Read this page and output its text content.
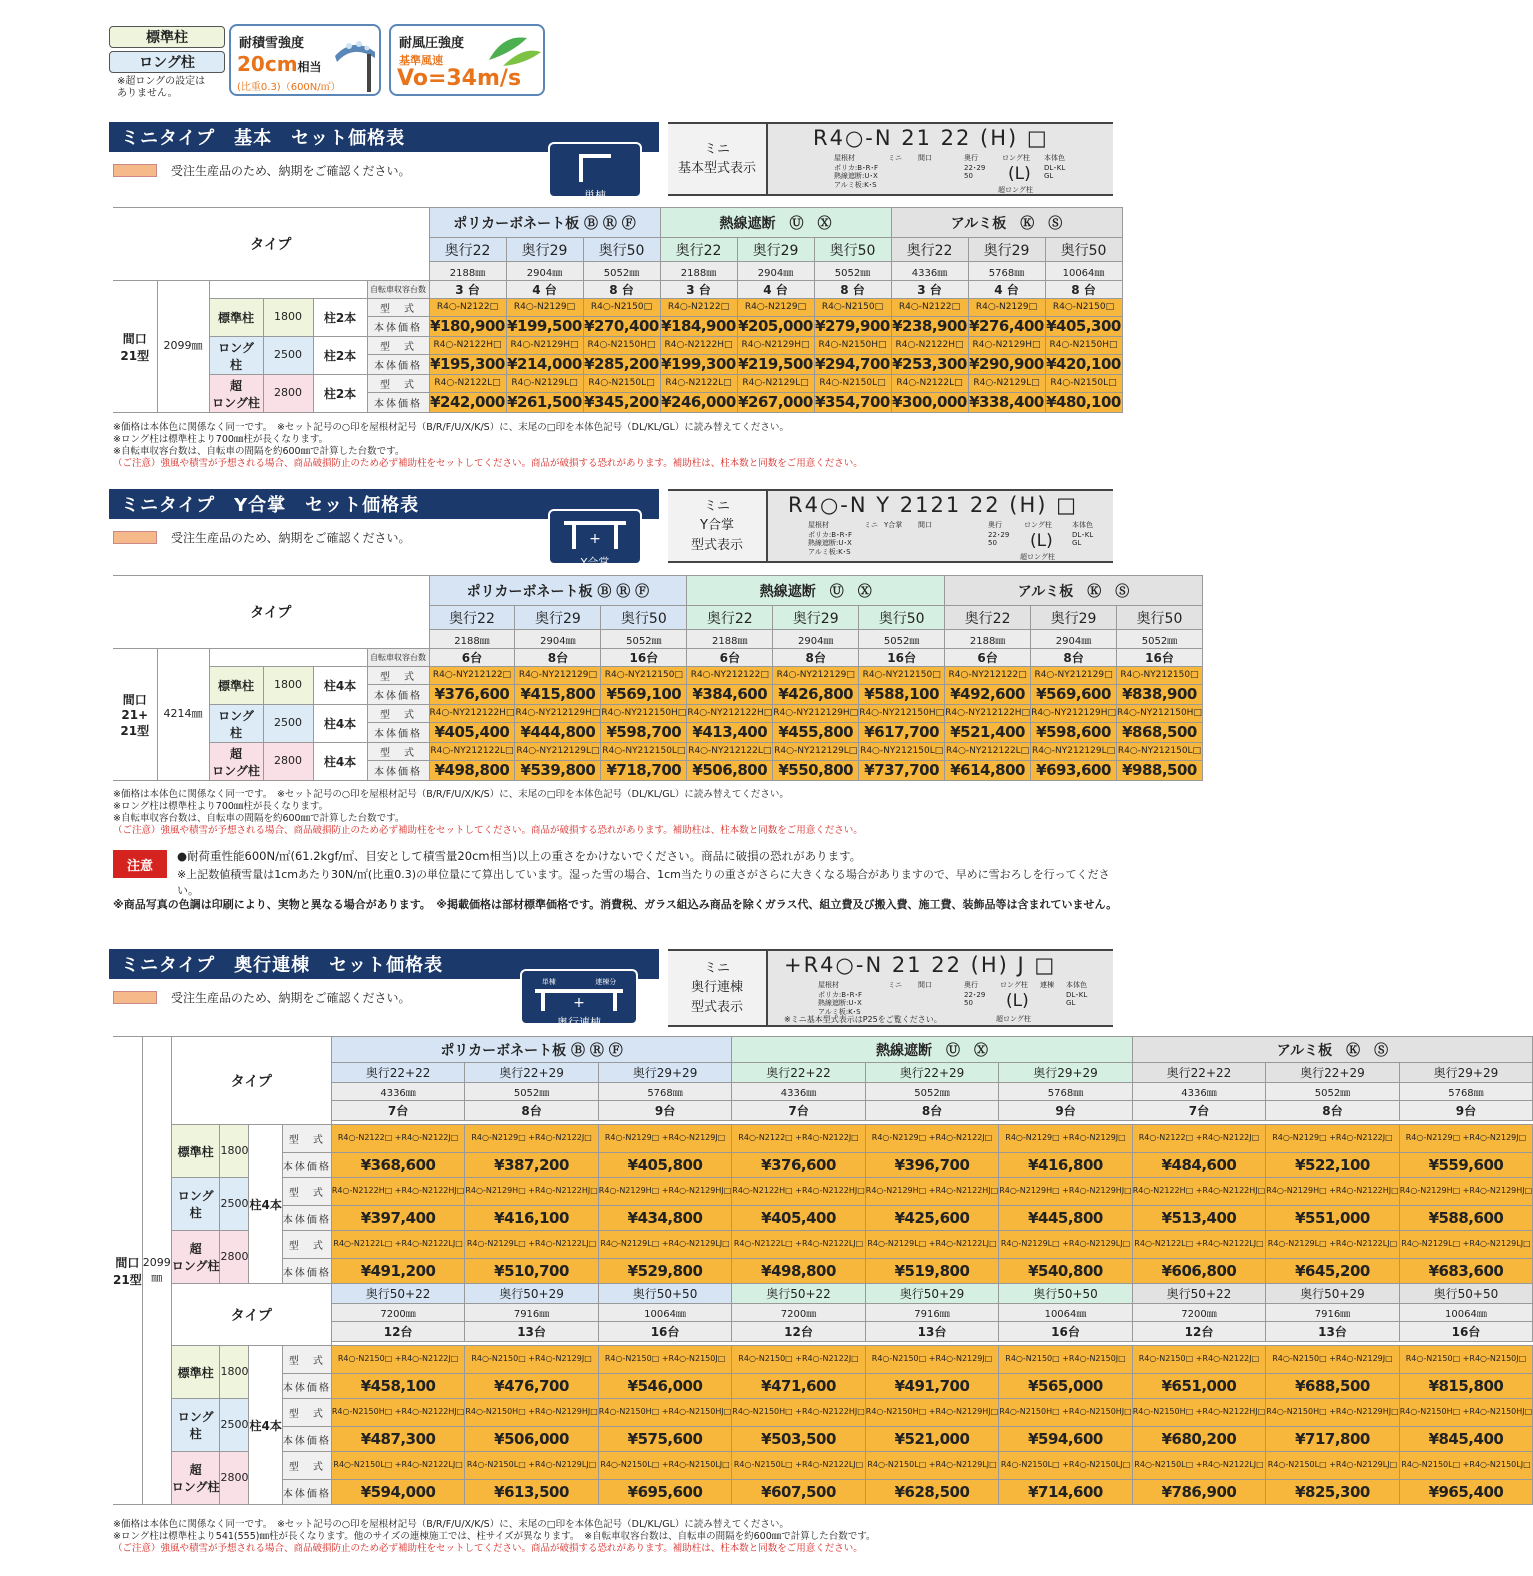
標準柱
ロング柱
※超ロングの設定は
ありません。
耐積雪強度
20cm相当
(比重0.3)（600N/㎡）
耐風圧強度
基準風速
Vo=34m/s
ミニタイプ　基本　セット価格表
受注生産品のため、納期をご確認ください。
単棟
ミニ
基本型式表示
R4○-N 21 22 (H) □
屋根材
ポリカ:B･R･F
熱線遮断:U･X
アルミ板:K･S
ミニ 間口	奥行
22･29
50
ロング柱
(L)
超ロング柱
本体色
DL･KL
GL
タイプ						ポリカーボネート板 Ⓑ Ⓡ Ⓕ			熱線遮断　Ⓤ　Ⓧ			アルミ板　Ⓚ　Ⓢ		
						奥行22	奥行29	奥行50	奥行22	奥行29	奥行50	奥行22	奥行29	奥行50
						2188㎜	2904㎜	5052㎜	2188㎜	2904㎜	5052㎜	4336㎜	5768㎜	10064㎜
間口
21型	2099㎜				自転車収容台数	3 台	4 台	8 台	3 台	4 台	8 台	3 台	4 台	8 台
		標準柱	1800	柱2本	型　式	R4○-N2122□	R4○-N2129□	R4○-N2150□	R4○-N2122□	R4○-N2129□	R4○-N2150□	R4○-N2122□	R4○-N2129□	R4○-N2150□
					本体価格	¥180,900	¥199,500	¥270,400	¥184,900	¥205,000	¥279,900	¥238,900	¥276,400	¥405,300
		ロング
柱	2500	柱2本	型　式	R4○-N2122H□	R4○-N2129H□	R4○-N2150H□	R4○-N2122H□	R4○-N2129H□	R4○-N2150H□	R4○-N2122H□	R4○-N2129H□	R4○-N2150H□
					本体価格	¥195,300	¥214,000	¥285,200	¥199,300	¥219,500	¥294,700	¥253,300	¥290,900	¥420,100
		超
ロング柱	2800	柱2本	型　式	R4○-N2122L□	R4○-N2129L□	R4○-N2150L□	R4○-N2122L□	R4○-N2129L□	R4○-N2150L□	R4○-N2122L□	R4○-N2129L□	R4○-N2150L□
					本体価格	¥242,000	¥261,500	¥345,200	¥246,000	¥267,000	¥354,700	¥300,000	¥338,400	¥480,100
※価格は本体色に関係なく同一です。　※セット記号の○印を屋根材記号（B/R/F/U/X/K/S）に、末尾の□印を本体色記号（DL/KL/GL）に読み替えてください。
※ロング柱は標準柱より700㎜柱が長くなります。
※自転車収容台数は、自転車の間隔を約600㎜で計算した台数です。
（ご注意）強風や積雪が予想される場合、商品破損防止のため必ず補助柱をセットしてください。商品が破損する恐れがあります。補助柱は、柱本数と同数をご用意ください。
ミニタイプ　Y合掌　セット価格表
受注生産品のため、納期をご確認ください。	+
Y合掌
ミニ
Y合掌
型式表示
R4○-N Y 2121 22 (H) □
屋根材
ポリカ:B･R･F
熱線遮断:U･X
アルミ板:K･S
ミニ Y合掌 間口	奥行
22･29
50
ロング柱
(L)
超ロング柱
本体色
DL･KL
GL
タイプ						ポリカーボネート板 Ⓑ Ⓡ Ⓕ			熱線遮断　Ⓤ　Ⓧ			アルミ板　Ⓚ　Ⓢ		
						奥行22	奥行29	奥行50	奥行22	奥行29	奥行50	奥行22	奥行29	奥行50
						2188㎜	2904㎜	5052㎜	2188㎜	2904㎜	5052㎜	2188㎜	2904㎜	5052㎜
間口
21+
21型	4214㎜				自転車収容台数	6台	8台	16台	6台	8台	16台	6台	8台	16台
		標準柱	1800	柱4本	型　式	R4○-NY212122□	R4○-NY212129□	R4○-NY212150□	R4○-NY212122□	R4○-NY212129□	R4○-NY212150□	R4○-NY212122□	R4○-NY212129□	R4○-NY212150□
					本体価格	¥376,600	¥415,800	¥569,100	¥384,600	¥426,800	¥588,100	¥492,600	¥569,600	¥838,900
		ロング
柱	2500	柱4本	型　式	R4○-NY212122H□	R4○-NY212129H□	R4○-NY212150H□	R4○-NY212122H□	R4○-NY212129H□	R4○-NY212150H□	R4○-NY212122H□	R4○-NY212129H□	R4○-NY212150H□
					本体価格	¥405,400	¥444,800	¥598,700	¥413,400	¥455,800	¥617,700	¥521,400	¥598,600	¥868,500
		超
ロング柱	2800	柱4本	型　式	R4○-NY212122L□	R4○-NY212129L□	R4○-NY212150L□	R4○-NY212122L□	R4○-NY212129L□	R4○-NY212150L□	R4○-NY212122L□	R4○-NY212129L□	R4○-NY212150L□
					本体価格	¥498,800	¥539,800	¥718,700	¥506,800	¥550,800	¥737,700	¥614,800	¥693,600	¥988,500
※価格は本体色に関係なく同一です。　※セット記号の○印を屋根材記号（B/R/F/U/X/K/S）に、末尾の□印を本体色記号（DL/KL/GL）に読み替えてください。
※ロング柱は標準柱より700㎜柱が長くなります。
※自転車収容台数は、自転車の間隔を約600㎜で計算した台数です。
（ご注意）強風や積雪が予想される場合、商品破損防止のため必ず補助柱をセットしてください。商品が破損する恐れがあります。補助柱は、柱本数と同数をご用意ください。
注意
●耐荷重性能600N/㎡(61.2kgf/㎡、目安として積雪量20cm相当)以上の重さをかけないでください。商品に破損の恐れがあります。
※上記数値積雪量は1cmあたり30N/㎡(比重0.3)の単位量にて算出しています。湿った雪の場合、1cm当たりの重さがさらに大きくなる場合がありますので、早めに雪おろしを行ってください。
※商品写真の色調は印刷により、実物と異なる場合があります。　※掲載価格は部材標準価格です。消費税、ガラス組込み商品を除くガラス代、組立費及び搬入費、施工費、装飾品等は含まれていません。
ミニタイプ　奥行連棟　セット価格表
受注生産品のため、納期をご確認ください。
単棟	連棟分
+
奥行連棟
ミニ
奥行連棟
型式表示
+R4○-N 21 22 (H) J □
屋根材
ポリカ:B･R･F
熱線遮断:U･X
アルミ板:K･S
ミニ 間口	奥行
22･29
50
ロング柱
(L)
超ロング柱
連棟 本体色
DL･KL
GL
※ミニ基本型式表示はP25をご覧ください。
間口
21型	2099
㎜	タイプ				ポリカーボネート板 Ⓑ Ⓡ Ⓕ			熱線遮断　Ⓤ　Ⓧ			アルミ板　Ⓚ　Ⓢ		
						奥行22+22	奥行22+29	奥行29+29	奥行22+22	奥行22+29	奥行29+29	奥行22+22	奥行22+29	奥行29+29
						4336㎜	5052㎜	5768㎜	4336㎜	5052㎜	5768㎜	4336㎜	5052㎜	5768㎜
						7台	8台	9台	7台	8台	9台	7台	8台	9台

		標準柱	1800	柱4本	型　式	R4○-N2122□ +R4○-N2122J□	R4○-N2129□ +R4○-N2122J□	R4○-N2129□ +R4○-N2129J□	R4○-N2122□ +R4○-N2122J□	R4○-N2129□ +R4○-N2122J□	R4○-N2129□ +R4○-N2129J□	R4○-N2122□ +R4○-N2122J□	R4○-N2129□ +R4○-N2122J□	R4○-N2129□ +R4○-N2129J□
					本体価格	¥368,600	¥387,200	¥405,800	¥376,600	¥396,700	¥416,800	¥484,600	¥522,100	¥559,600
		ロング
柱	2500		型　式	R4○-N2122H□ +R4○-N2122HJ□	R4○-N2129H□ +R4○-N2122HJ□	R4○-N2129H□ +R4○-N2129HJ□	R4○-N2122H□ +R4○-N2122HJ□	R4○-N2129H□ +R4○-N2122HJ□	R4○-N2129H□ +R4○-N2129HJ□	R4○-N2122H□ +R4○-N2122HJ□	R4○-N2129H□ +R4○-N2122HJ□	R4○-N2129H□ +R4○-N2129HJ□
					本体価格	¥397,400	¥416,100	¥434,800	¥405,400	¥425,600	¥445,800	¥513,400	¥551,000	¥588,600
		超
ロング柱	2800		型　式	R4○-N2122L□ +R4○-N2122LJ□	R4○-N2129L□ +R4○-N2122LJ□	R4○-N2129L□ +R4○-N2129LJ□	R4○-N2122L□ +R4○-N2122LJ□	R4○-N2129L□ +R4○-N2122LJ□	R4○-N2129L□ +R4○-N2129LJ□	R4○-N2122L□ +R4○-N2122LJ□	R4○-N2129L□ +R4○-N2122LJ□	R4○-N2129L□ +R4○-N2129LJ□
					本体価格	¥491,200	¥510,700	¥529,800	¥498,800	¥519,800	¥540,800	¥606,800	¥645,200	¥683,600
		タイプ				奥行50+22	奥行50+29	奥行50+50	奥行50+22	奥行50+29	奥行50+50	奥行50+22	奥行50+29	奥行50+50
						7200㎜	7916㎜	10064㎜	7200㎜	7916㎜	10064㎜	7200㎜	7916㎜	10064㎜
						12台	13台	16台	12台	13台	16台	12台	13台	16台

		標準柱	1800	柱4本	型　式	R4○-N2150□ +R4○-N2122J□	R4○-N2150□ +R4○-N2129J□	R4○-N2150□ +R4○-N2150J□	R4○-N2150□ +R4○-N2122J□	R4○-N2150□ +R4○-N2129J□	R4○-N2150□ +R4○-N2150J□	R4○-N2150□ +R4○-N2122J□	R4○-N2150□ +R4○-N2129J□	R4○-N2150□ +R4○-N2150J□
					本体価格	¥458,100	¥476,700	¥546,000	¥471,600	¥491,700	¥565,000	¥651,000	¥688,500	¥815,800
		ロング
柱	2500		型　式	R4○-N2150H□ +R4○-N2122HJ□	R4○-N2150H□ +R4○-N2129HJ□	R4○-N2150H□ +R4○-N2150HJ□	R4○-N2150H□ +R4○-N2122HJ□	R4○-N2150H□ +R4○-N2129HJ□	R4○-N2150H□ +R4○-N2150HJ□	R4○-N2150H□ +R4○-N2122HJ□	R4○-N2150H□ +R4○-N2129HJ□	R4○-N2150H□ +R4○-N2150HJ□
					本体価格	¥487,300	¥506,000	¥575,600	¥503,500	¥521,000	¥594,600	¥680,200	¥717,800	¥845,400
		超
ロング柱	2800		型　式	R4○-N2150L□ +R4○-N2122LJ□	R4○-N2150L□ +R4○-N2129LJ□	R4○-N2150L□ +R4○-N2150LJ□	R4○-N2150L□ +R4○-N2122LJ□	R4○-N2150L□ +R4○-N2129LJ□	R4○-N2150L□ +R4○-N2150LJ□	R4○-N2150L□ +R4○-N2122LJ□	R4○-N2150L□ +R4○-N2129LJ□	R4○-N2150L□ +R4○-N2150LJ□
					本体価格	¥594,000	¥613,500	¥695,600	¥607,500	¥628,500	¥714,600	¥786,900	¥825,300	¥965,400
※価格は本体色に関係なく同一です。　※セット記号の○印を屋根材記号（B/R/F/U/X/K/S）に、末尾の□印を本体色記号（DL/KL/GL）に読み替えてください。
※ロング柱は標準柱より541(555)㎜柱が長くなります。他のサイズの連棟施工では、柱サイズが異なります。　※自転車収容台数は、自転車の間隔を約600㎜で計算した台数です。
（ご注意）強風や積雪が予想される場合、商品破損防止のため必ず補助柱をセットしてください。商品が破損する恐れがあります。補助柱は、柱本数と同数をご用意ください。
